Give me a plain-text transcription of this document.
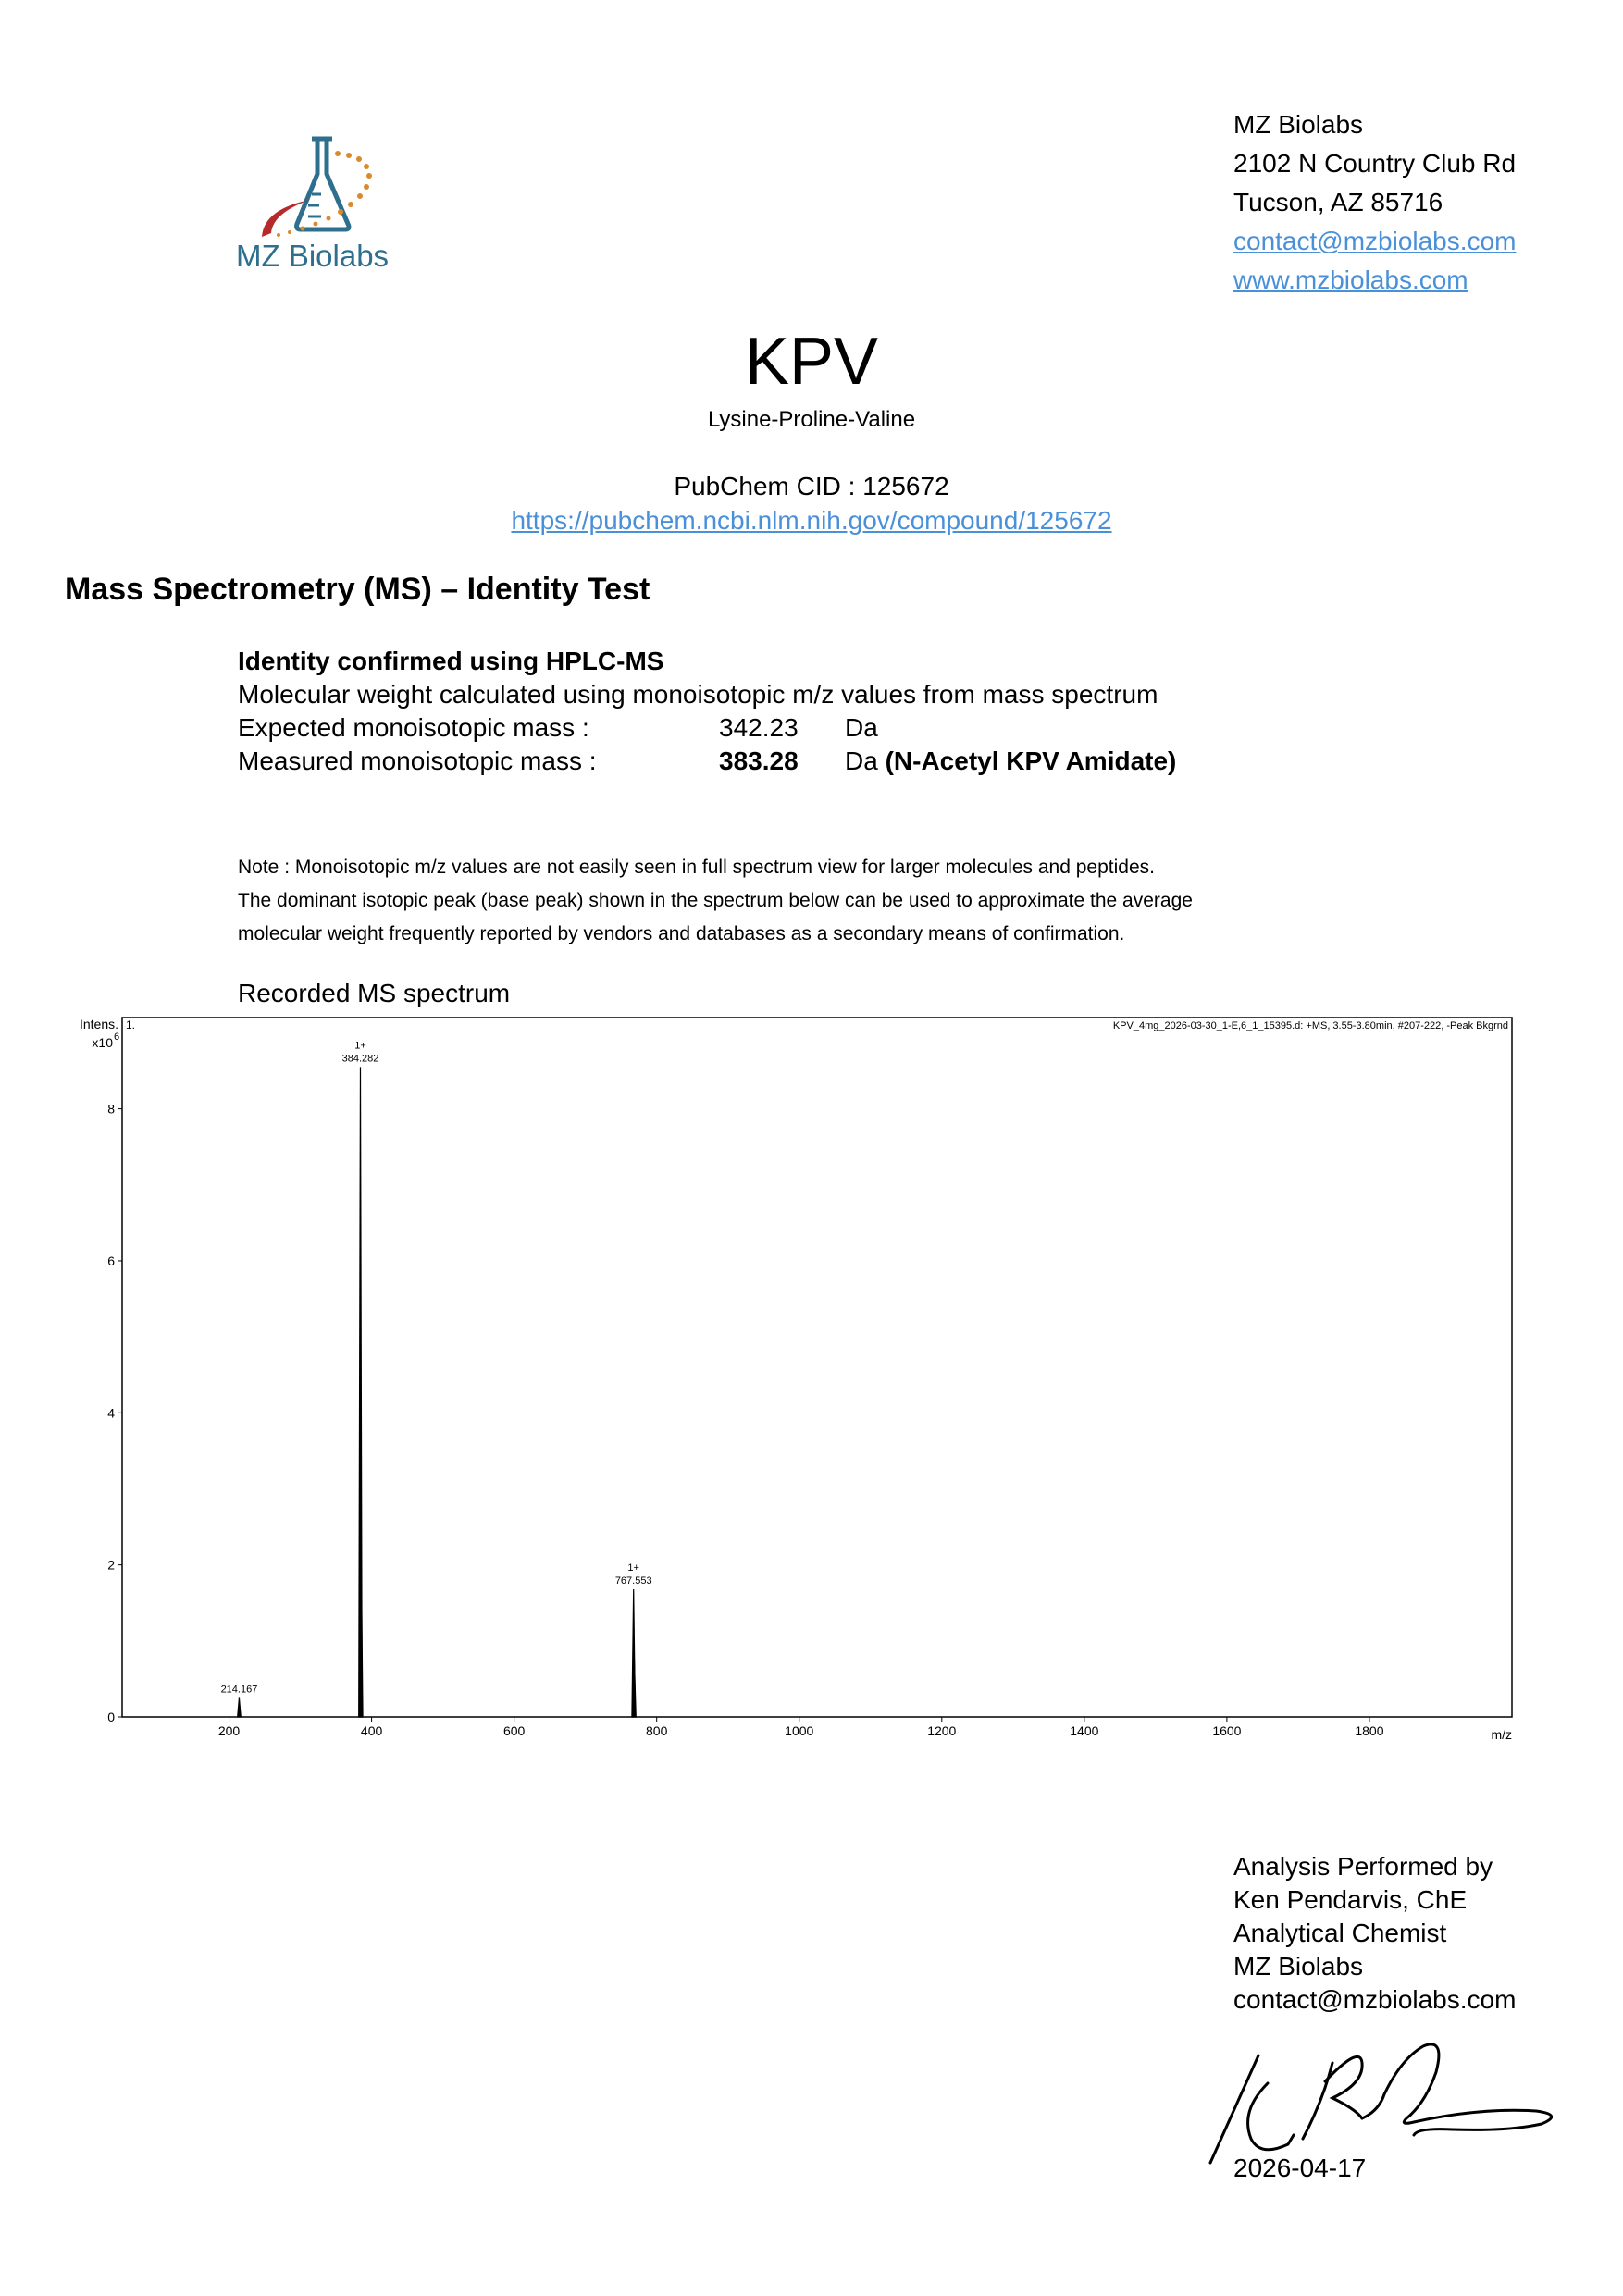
MZ Biolabs
MZ Biolabs
2102 N Country Club Rd
Tucson, AZ 85716
contact@mzbiolabs.com
www.mzbiolabs.com
KPV
Lysine-Proline-Valine
PubChem CID : 125672
https://pubchem.ncbi.nlm.nih.gov/compound/125672
Mass Spectrometry (MS) – Identity Test
Identity confirmed using HPLC-MS
Molecular weight calculated using monoisotopic m/z values from mass spectrum
Expected monoisotopic mass :	342.23 Da
Measured monoisotopic mass :	383.28 Da (N-Acetyl KPV Amidate)
Note : Monoisotopic m/z values are not easily seen in full spectrum view for larger molecules and peptides.
The dominant isotopic peak (base peak) shown in the spectrum below can be used to approximate the average
molecular weight frequently reported by vendors and databases as a secondary means of confirmation.
Recorded MS spectrum
1.	KPV_4mg_2026-03-30_1-E,6_1_15395.d: +MS, 3.55-3.80min, #207-222, -Peak Bkgrnd
Intens.
x10 6
m/z
200	400	600	800	1000	1200	1400	1600	1800
0
2
4
6
8
214.167
384.282
1+
767.553
1+
Analysis Performed by
Ken Pendarvis, ChE
Analytical Chemist
MZ Biolabs
contact@mzbiolabs.com
2026-04-17
